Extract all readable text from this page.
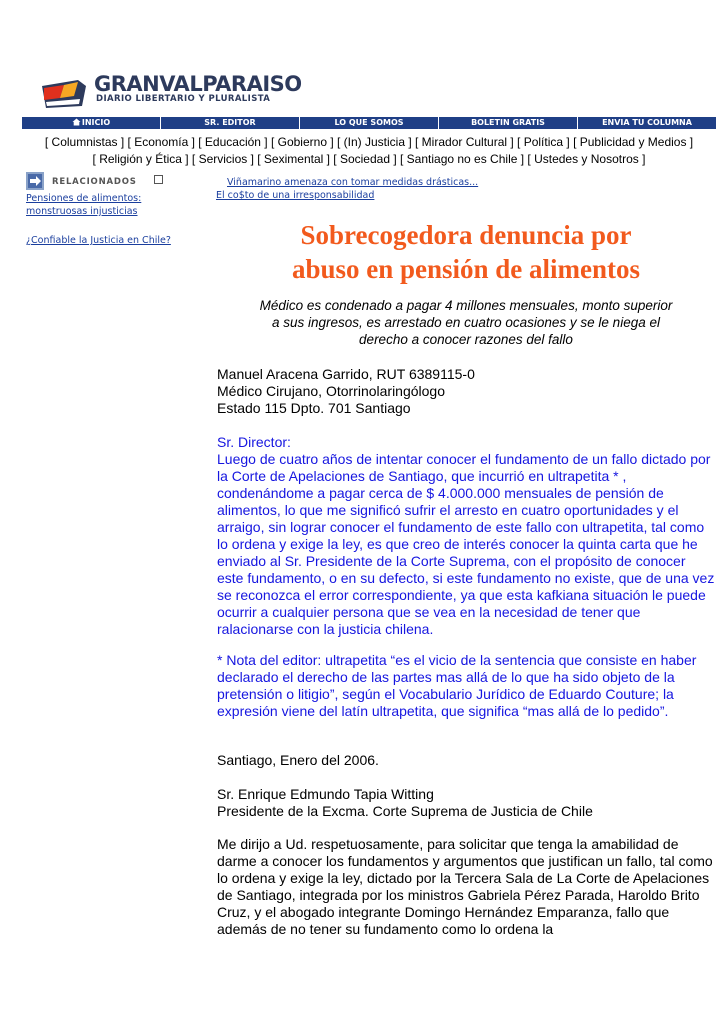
GRANVALPARAISO
DIARIO LIBERTARIO Y PLURALISTA
INICIO	SR. EDITOR	LO QUE SOMOS	BOLETIN GRATIS	ENVIA TU COLUMNA
[ Columnistas ] [ Economía ] [ Educación ] [ Gobierno ] [ (In) Justicia ] [ Mirador Cultural ] [ Política ] [ Publicidad y Medios ]
[ Religión y Ética ] [ Servicios ] [ Seximental ] [ Sociedad ] [ Santiago no es Chile ] [ Ustedes y Nosotros ]
RELACIONADOS
Pensiones de alimentos: monstruosas injusticias
¿Confiable la Justicia en Chile?
Viñamarino amenaza con tomar medidas drásticas...
El co$to de una irresponsabilidad
Sobrecogedora denuncia por
abuso en pensión de alimentos

Médico es condenado a pagar 4 millones mensuales, monto superior a sus ingresos, es arrestado en cuatro ocasiones y se le niega el derecho a conocer razones del fallo

Manuel Aracena Garrido, RUT 6389115-0
Médico Cirujano, Otorrinolaringólogo
Estado 115 Dpto. 701 Santiago
Sr. Director:
Luego de cuatro años de intentar conocer el fundamento de un fallo dictado por la Corte de Apelaciones de Santiago, que incurrió en ultrapetita * , condenándome a pagar cerca de $ 4.000.000 mensuales de pensión de alimentos, lo que me significó sufrir el arresto en cuatro oportunidades y el arraigo, sin lograr conocer el fundamento de este fallo con ultrapetita, tal como lo ordena y exige la ley, es que creo de interés conocer la quinta carta que he enviado al Sr. Presidente de la Corte Suprema, con el propósito de conocer este fundamento, o en su defecto, si este fundamento no existe, que de una vez se reconozca el error correspondiente, ya que esta kafkiana situación le puede ocurrir a cualquier persona que se vea en la necesidad de tener que ralacionarse con la justicia chilena.

* Nota del editor: ultrapetita “es el vicio de la sentencia que consiste en haber declarado el derecho de las partes mas allá de lo que ha sido objeto de la pretensión o litigio”, según el Vocabulario Jurídico de Eduardo Couture; la expresión viene del latín ultrapetita, que significa “mas allá de lo pedido”.

Santiago, Enero del 2006.

Sr. Enrique Edmundo Tapia Witting
Presidente de la Excma. Corte Suprema de Justicia de Chile

Me dirijo a Ud. respetuosamente, para solicitar que tenga la amabilidad de darme a conocer los fundamentos y argumentos que justifican un fallo, tal como lo ordena y exige la ley, dictado por la Tercera Sala de La Corte de Apelaciones de Santiago, integrada por los ministros Gabriela Pérez Parada, Haroldo Brito Cruz, y el abogado integrante Domingo Hernández Emparanza, fallo que además de no tener su fundamento como lo ordena la
